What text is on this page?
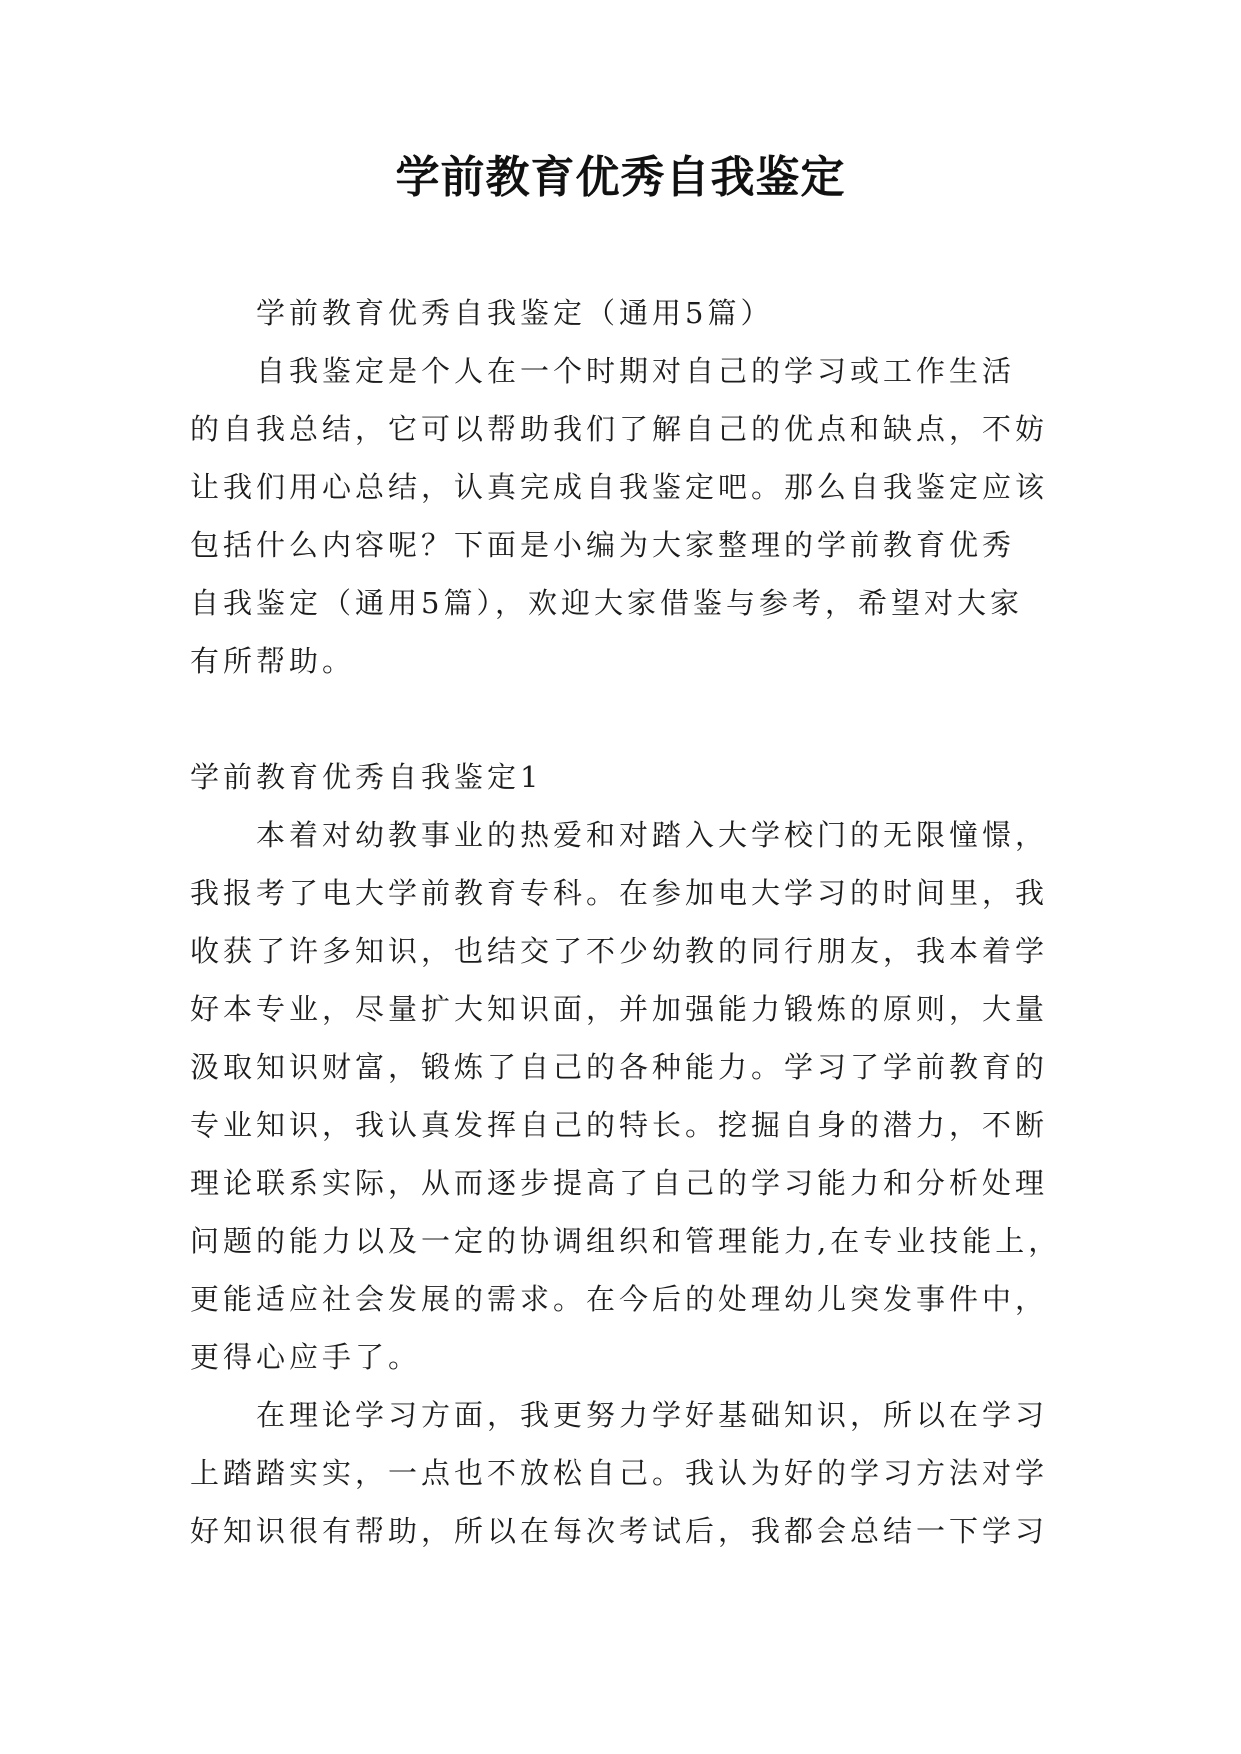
学前教育优秀自我鉴定

学前教育优秀自我鉴定（通用5篇）

自我鉴定是个人在一个时期对自己的学习或工作生活
的自我总结，它可以帮助我们了解自己的优点和缺点，不妨
让我们用心总结，认真完成自我鉴定吧。那么自我鉴定应该
包括什么内容呢？下面是小编为大家整理的学前教育优秀
自我鉴定（通用5篇），欢迎大家借鉴与参考，希望对大家
有所帮助。

学前教育优秀自我鉴定1

本着对幼教事业的热爱和对踏入大学校门的无限憧憬，
我报考了电大学前教育专科。在参加电大学习的时间里，我
收获了许多知识，也结交了不少幼教的同行朋友，我本着学
好本专业，尽量扩大知识面，并加强能力锻炼的原则，大量
汲取知识财富，锻炼了自己的各种能力。学习了学前教育的
专业知识，我认真发挥自己的特长。挖掘自身的潜力，不断
理论联系实际，从而逐步提高了自己的学习能力和分析处理
问题的能力以及一定的协调组织和管理能力,在专业技能上，
更能适应社会发展的需求。在今后的处理幼儿突发事件中，
更得心应手了。

在理论学习方面，我更努力学好基础知识，所以在学习
上踏踏实实，一点也不放松自己。我认为好的学习方法对学
好知识很有帮助，所以在每次考试后，我都会总结一下学习
